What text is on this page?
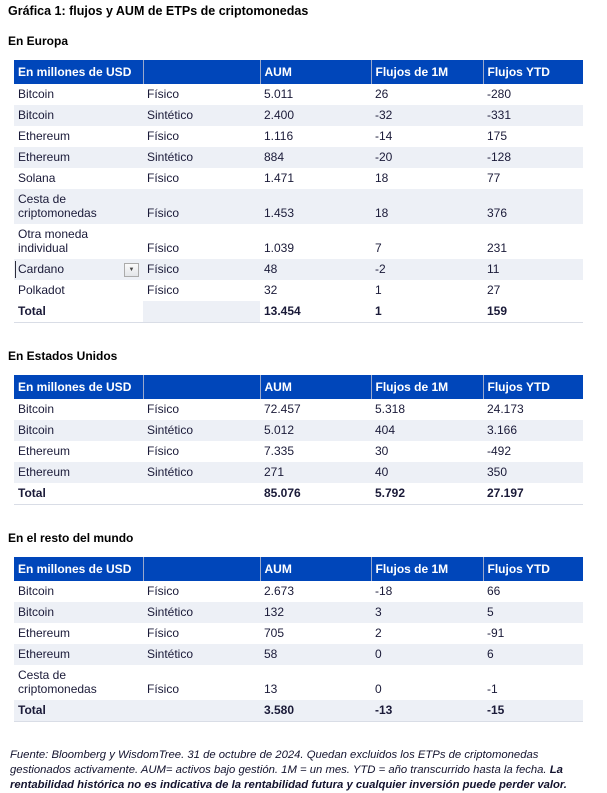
Gráfica 1: flujos y AUM de ETPs de criptomonedas
En Europa
En millones de USD		AUM	Flujos de 1M	Flujos YTD
Bitcoin	Físico	5.011	26	-280
Bitcoin	Sintético	2.400	-32	-331
Ethereum	Físico	1.116	-14	175
Ethereum	Sintético	884	-20	-128
Solana	Físico	1.471	18	77
Cesta de criptomonedas	Físico	1.453	18	376
Otra moneda individual	Físico	1.039	7	231
Cardano ▼	Físico	48	-2	11
Polkadot	Físico	32	1	27
Total		13.454	1	159
En Estados Unidos
En millones de USD		AUM	Flujos de 1M	Flujos YTD
Bitcoin	Físico	72.457	5.318	24.173
Bitcoin	Sintético	5.012	404	3.166
Ethereum	Físico	7.335	30	-492
Ethereum	Sintético	271	40	350
Total		85.076	5.792	27.197
En el resto del mundo
En millones de USD		AUM	Flujos de 1M	Flujos YTD
Bitcoin	Físico	2.673	-18	66
Bitcoin	Sintético	132	3	5
Ethereum	Físico	705	2	-91
Ethereum	Sintético	58	0	6
Cesta de criptomonedas	Físico	13	0	-1
Total		3.580	-13	-15

Fuente: Bloomberg y WisdomTree. 31 de octubre de 2024. Quedan excluidos los ETPs de criptomonedas gestionados activamente. AUM= activos bajo gestión. 1M = un mes. YTD = año transcurrido hasta la fecha. La rentabilidad histórica no es indicativa de la rentabilidad futura y cualquier inversión puede perder valor.
